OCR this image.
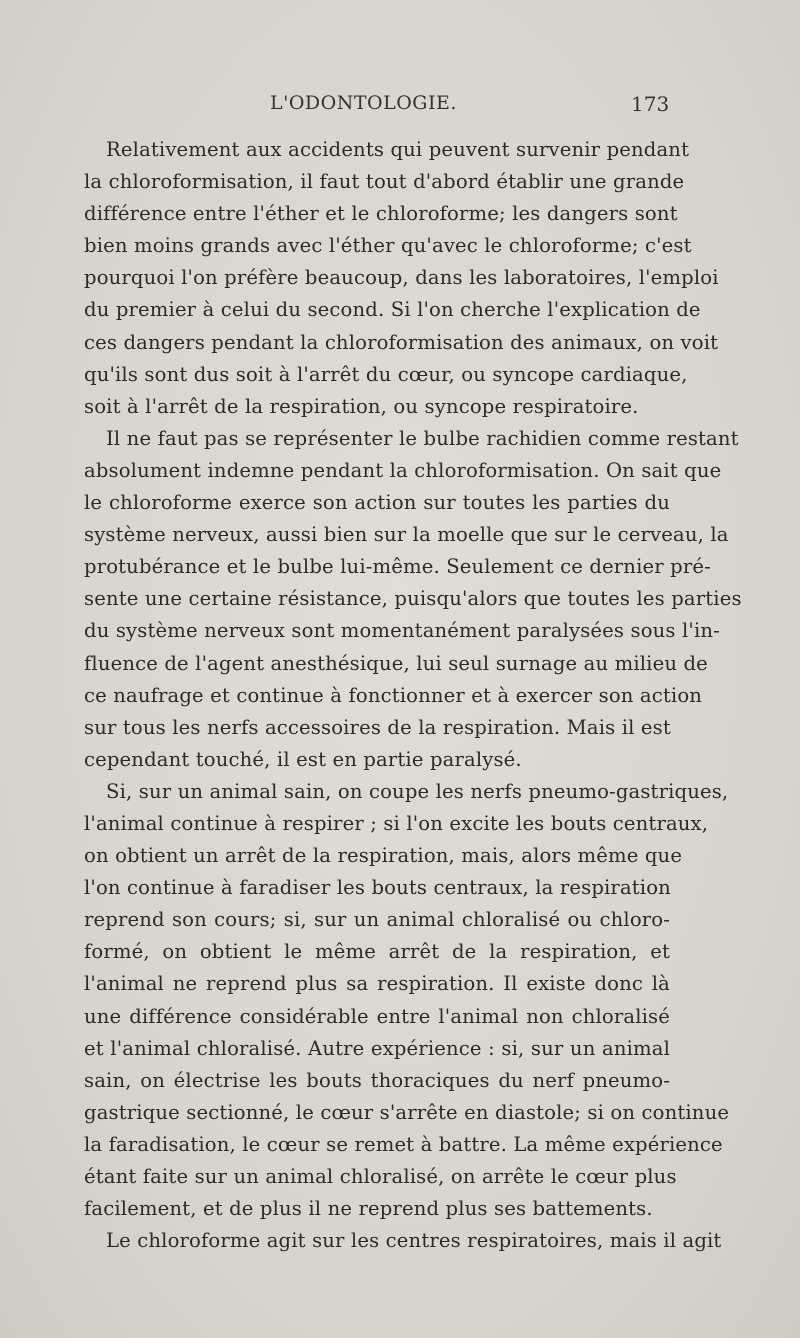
L'ODONTOLOGIE.	173
Relativement aux accidents qui peuvent survenir pendant
la chloroformisation, il faut tout d'abord établir une grande
différence entre l'éther et le chloroforme; les dangers sont
bien moins grands avec l'éther qu'avec le chloroforme; c'est
pourquoi l'on préfère beaucoup, dans les laboratoires, l'emploi
du premier à celui du second. Si l'on cherche l'explication de
ces dangers pendant la chloroformisation des animaux, on voit
qu'ils sont dus soit à l'arrêt du cœur, ou syncope cardiaque,
soit à l'arrêt de la respiration, ou syncope respiratoire.
Il ne faut pas se représenter le bulbe rachidien comme restant
absolument indemne pendant la chloroformisation. On sait que
le chloroforme exerce son action sur toutes les parties du
système nerveux, aussi bien sur la moelle que sur le cerveau, la
protubérance et le bulbe lui-même. Seulement ce dernier pré-
sente une certaine résistance, puisqu'alors que toutes les parties
du système nerveux sont momentanément paralysées sous l'in-
fluence de l'agent anesthésique, lui seul surnage au milieu de
ce naufrage et continue à fonctionner et à exercer son action
sur tous les nerfs accessoires de la respiration. Mais il est
cependant touché, il est en partie paralysé.
Si, sur un animal sain, on coupe les nerfs pneumo-gastriques,
l'animal continue à respirer ; si l'on excite les bouts centraux,
on obtient un arrêt de la respiration, mais, alors même que
l'on continue à faradiser les bouts centraux, la respiration
reprend son cours; si, sur un animal chloralisé ou chloro-
formé, on obtient le même arrêt de la respiration, et
l'animal ne reprend plus sa respiration. Il existe donc là
une différence considérable entre l'animal non chloralisé
et l'animal chloralisé. Autre expérience : si, sur un animal
sain, on électrise les bouts thoraciques du nerf pneumo-
gastrique sectionné, le cœur s'arrête en diastole; si on continue
la faradisation, le cœur se remet à battre. La même expérience
étant faite sur un animal chloralisé, on arrête le cœur plus
facilement, et de plus il ne reprend plus ses battements.
Le chloroforme agit sur les centres respiratoires, mais il agit
